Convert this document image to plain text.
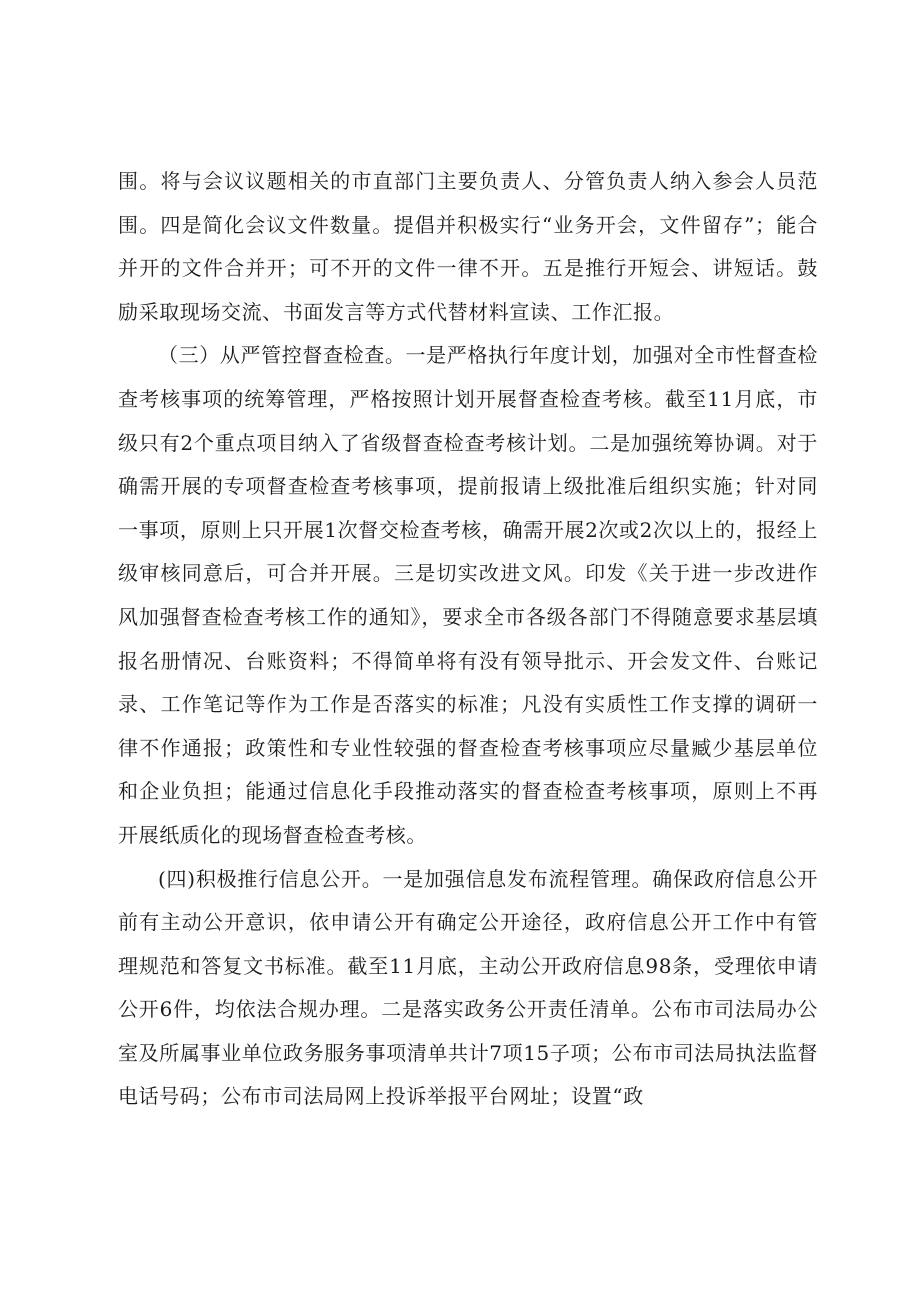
围。将与会议议题相关的市直部门主要负责人、分管负责人纳入参会人员范围。四是简化会议文件数量。提倡并积极实行“业务开会，文件留存”；能合并开的文件合并开；可不开的文件一律不开。五是推行开短会、讲短话。鼓励采取现场交流、书面发言等方式代替材料宣读、工作汇报。

（三）从严管控督查检查。一是严格执行年度计划，加强对全市性督查检查考核事项的统筹管理，严格按照计划开展督查检查考核。截至11月底，市级只有2个重点项目纳入了省级督查检查考核计划。二是加强统筹协调。对于确需开展的专项督查检查考核事项，提前报请上级批准后组织实施；针对同一事项，原则上只开展1次督交检查考核，确需开展2次或2次以上的，报经上级审核同意后，可合并开展。三是切实改进文风。印发《关于进一步改进作风加强督查检查考核工作的通知》，要求全市各级各部门不得随意要求基层填报名册情况、台账资料；不得简单将有没有领导批示、开会发文件、台账记录、工作笔记等作为工作是否落实的标准；凡没有实质性工作支撑的调研一律不作通报；政策性和专业性较强的督查检查考核事项应尽量臧少基层单位和企业负担；能通过信息化手段推动落实的督查检查考核事项，原则上不再开展纸质化的现场督查检查考核。

(四)积极推行信息公开。一是加强信息发布流程管理。确保政府信息公开前有主动公开意识，依申请公开有确定公开途径，政府信息公开工作中有管理规范和答复文书标准。截至11月底，主动公开政府信息98条，受理依申请公开6件，均依法合规办理。二是落实政务公开责任清单。公布市司法局办公室及所属事业单位政务服务事项清单共计7项15子项；公布市司法局执法监督电话号码；公布市司法局网上投诉举报平台网址；设置“政
